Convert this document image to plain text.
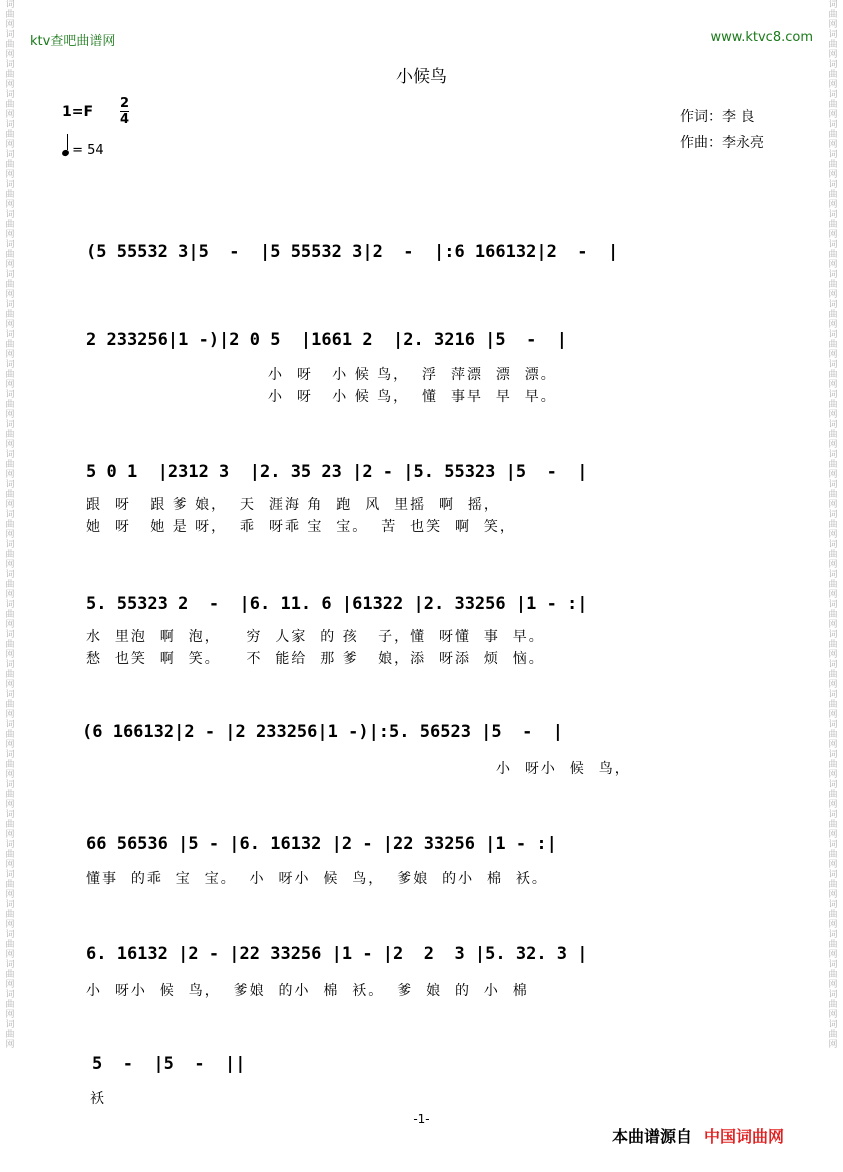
词曲网词曲网词曲网词曲网词曲网词曲网词曲网词曲网词曲网词曲网词曲网词曲网词曲网词曲网词曲网词曲网词曲网词曲网词曲网词曲网词曲网词曲网词曲网词曲网词曲网词曲网词曲网词曲网词曲网词曲网词曲网词曲网词曲网词曲网词曲网
词曲网词曲网词曲网词曲网词曲网词曲网词曲网词曲网词曲网词曲网词曲网词曲网词曲网词曲网词曲网词曲网词曲网词曲网词曲网词曲网词曲网词曲网词曲网词曲网词曲网词曲网词曲网词曲网词曲网词曲网词曲网词曲网词曲网词曲网词曲网
ktv查吧曲谱网	www.ktvc8.com
小候鸟
1=F
2
4
= 54
作词：李 良
作曲：李永亮
(5 55532 3|5  -  |5 55532 3|2  -  |:6 166132|2  -  |
2 233256|1 -)|2 0 5  |1661 2  |2. 3216 |5  -  |
小  呀   小 候 鸟，  浮  萍漂  漂  漂。
小  呀   小 候 鸟，  懂  事早  早  早。
5 0 1  |2312 3  |2. 35 23 |2 - |5. 55323 |5  -  |
跟  呀   跟 爹 娘，  天  涯海 角  跑  风  里摇  啊  摇，
她  呀   她 是 呀，  乖  呀乖 宝  宝。  苦  也笑  啊  笑，
5. 55323 2  -  |6. 11. 6 |61322 |2. 33256 |1 - :|
水  里泡  啊  泡，    穷  人家  的 孩   子，懂  呀懂  事  早。
愁  也笑  啊  笑。    不  能给  那 爹   娘，添  呀添  烦  恼。
(6 166132|2 - |2 233256|1 -)|:5. 56523 |5  -  |
小  呀小  候  鸟，
66 56536 |5 - |6. 16132 |2 - |22 33256 |1 - :|
懂事  的乖  宝  宝。  小  呀小  候  鸟，  爹娘  的小  棉  袄。
6. 16132 |2 - |22 33256 |1 - |2  2  3 |5. 32. 3 |
小  呀小  候  鸟，  爹娘  的小  棉  袄。  爹  娘  的  小  棉
5  -  |5  -  ||
袄
-1-
本曲谱源自 中国词曲网
